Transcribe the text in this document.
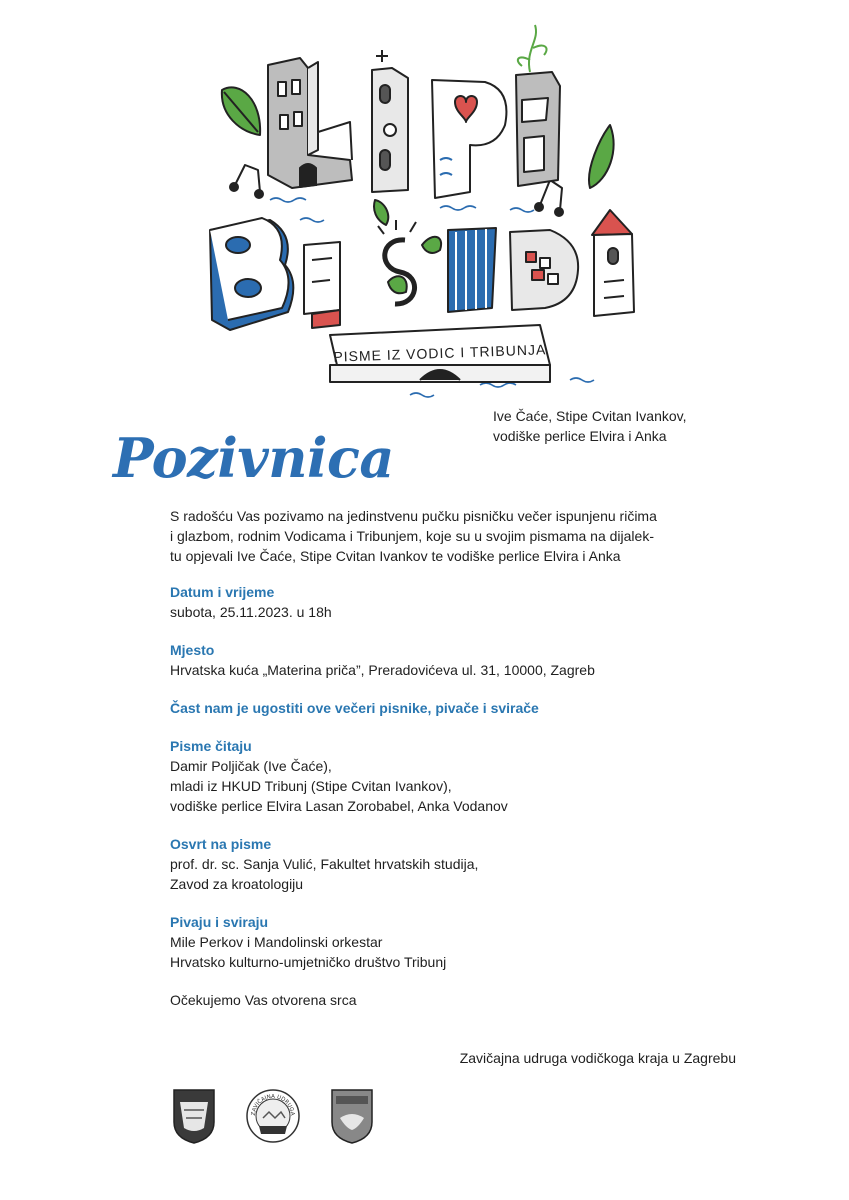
PISME IZ VODIC I TRIBUNJA
Ive Čaće, Stipe Cvitan Ivankov,
vodiške perlice Elvira i Anka
Pozivnica

S radošću Vas pozivamo na jedinstvenu pučku pisničku večer ispunjenu ričima

i glazbom, rodnim Vodicama i Tribunjem, koje su u svojim pismama na dijalek-

tu opjevali Ive Čaće, Stipe Cvitan Ivankov te vodiške perlice Elvira i Anka

Datum i vrijeme

subota, 25.11.2023. u 18h

Mjesto

Hrvatska kuća „Materina priča”, Preradovićeva ul. 31, 10000, Zagreb

Čast nam je ugostiti ove večeri pisnike, pivače i svirače

Pisme čitaju

Damir Poljičak (Ive Čaće),

mladi iz HKUD Tribunj (Stipe Cvitan Ivankov),

vodiške perlice Elvira Lasan Zorobabel, Anka Vodanov

Osvrt na pisme

prof. dr. sc. Sanja Vulić, Fakultet hrvatskih studija,

Zavod za kroatologiju

Pivaju i sviraju

Mile Perkov i Mandolinski orkestar

Hrvatsko kulturno-umjetničko društvo Tribunj

Očekujemo Vas otvorena srca

Zavičajna udruga vodičkoga kraja u Zagrebu
ZAVIČAJNA UDRUGA
